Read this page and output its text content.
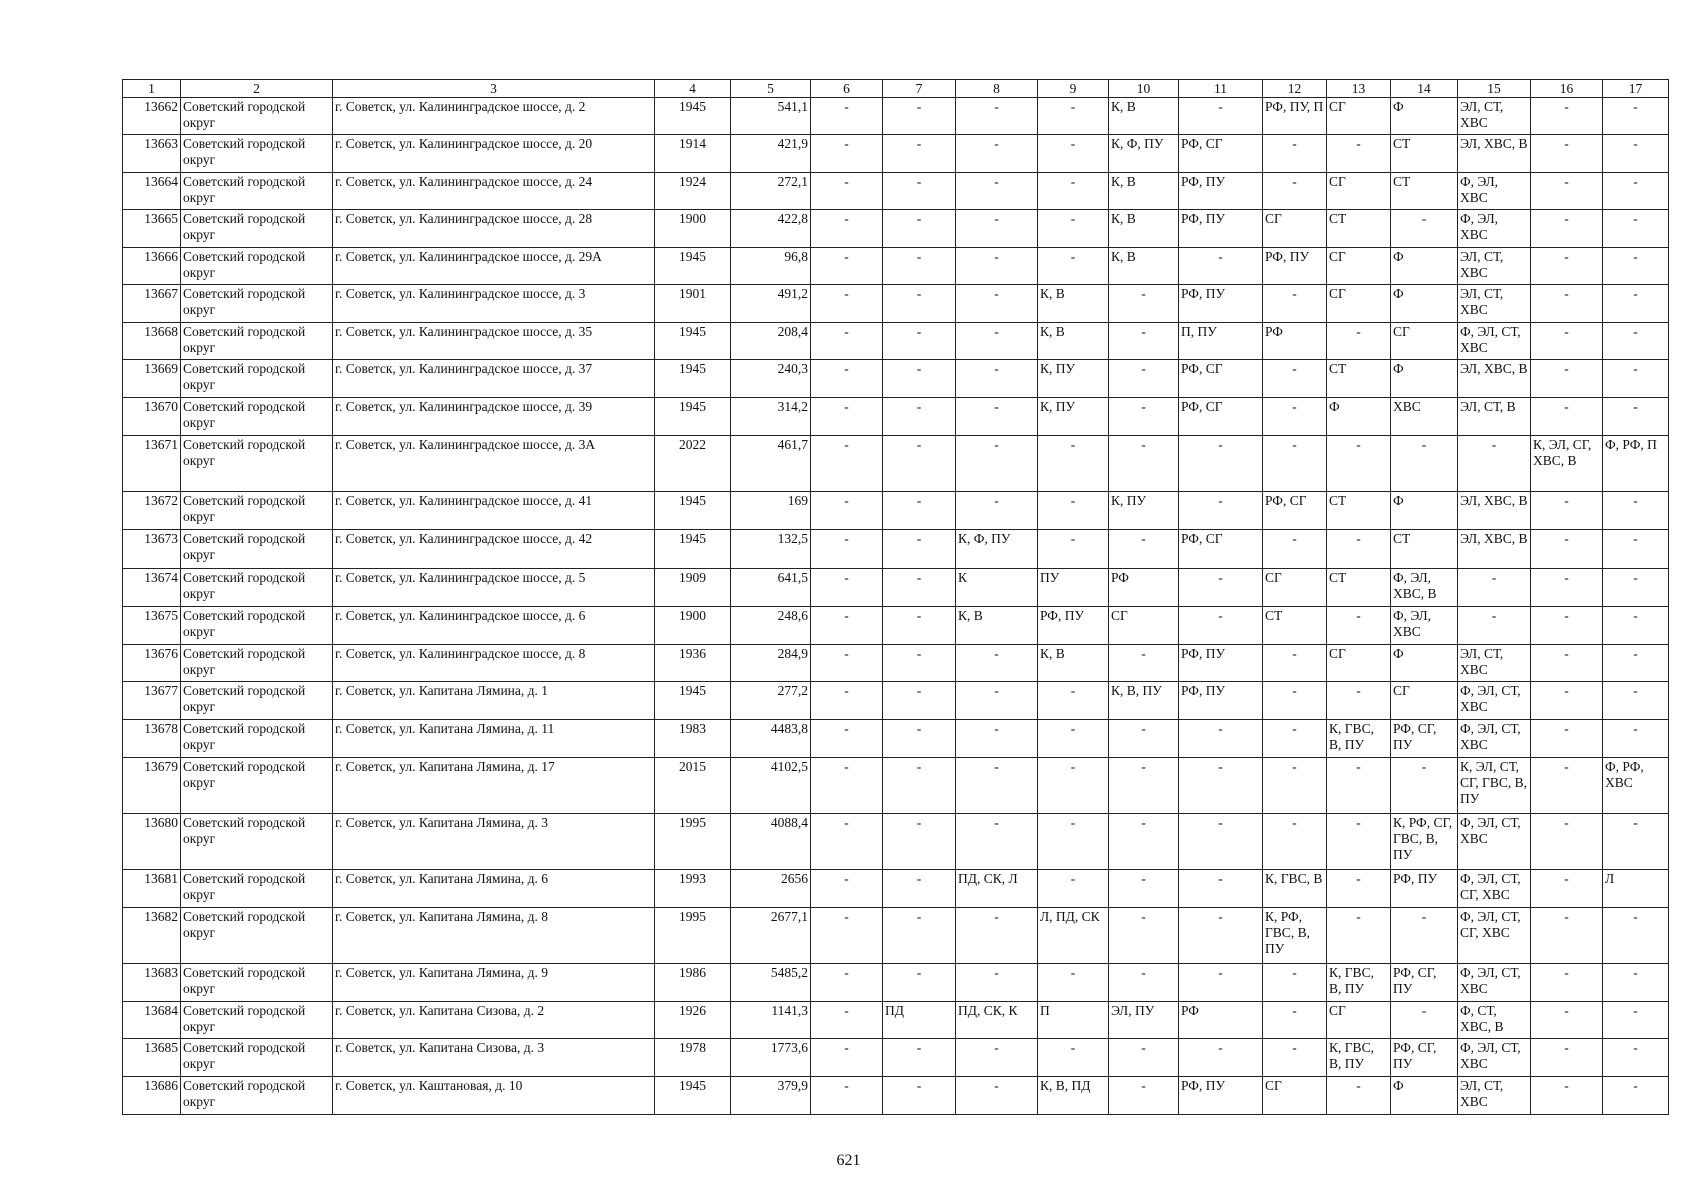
1	2	3	4	5	6	7	8	9	10	11	12	13	14	15	16	17
13662	Советский городской округ	г. Советск, ул. Калининградское шоссе, д. 2	1945	541,1	-	-	-	-	К, В	-	РФ, ПУ, П	СГ	Ф	ЭЛ, СТ, ХВС	-	-
13663	Советский городской округ	г. Советск, ул. Калининградское шоссе, д. 20	1914	421,9	-	-	-	-	К, Ф, ПУ	РФ, СГ	-	-	СТ	ЭЛ, ХВС, В	-	-
13664	Советский городской округ	г. Советск, ул. Калининградское шоссе, д. 24	1924	272,1	-	-	-	-	К, В	РФ, ПУ	-	СГ	СТ	Ф, ЭЛ, ХВС	-	-
13665	Советский городской округ	г. Советск, ул. Калининградское шоссе, д. 28	1900	422,8	-	-	-	-	К, В	РФ, ПУ	СГ	СТ	-	Ф, ЭЛ, ХВС	-	-
13666	Советский городской округ	г. Советск, ул. Калининградское шоссе, д. 29А	1945	96,8	-	-	-	-	К, В	-	РФ, ПУ	СГ	Ф	ЭЛ, СТ, ХВС	-	-
13667	Советский городской округ	г. Советск, ул. Калининградское шоссе, д. 3	1901	491,2	-	-	-	К, В	-	РФ, ПУ	-	СГ	Ф	ЭЛ, СТ, ХВС	-	-
13668	Советский городской округ	г. Советск, ул. Калининградское шоссе, д. 35	1945	208,4	-	-	-	К, В	-	П, ПУ	РФ	-	СГ	Ф, ЭЛ, СТ, ХВС	-	-
13669	Советский городской округ	г. Советск, ул. Калининградское шоссе, д. 37	1945	240,3	-	-	-	К, ПУ	-	РФ, СГ	-	СТ	Ф	ЭЛ, ХВС, В	-	-
13670	Советский городской округ	г. Советск, ул. Калининградское шоссе, д. 39	1945	314,2	-	-	-	К, ПУ	-	РФ, СГ	-	Ф	ХВС	ЭЛ, СТ, В	-	-
13671	Советский городской округ	г. Советск, ул. Калининградское шоссе, д. 3А	2022	461,7	-	-	-	-	-	-	-	-	-	-	К, ЭЛ, СГ, ХВС, В	Ф, РФ, П
13672	Советский городской округ	г. Советск, ул. Калининградское шоссе, д. 41	1945	169	-	-	-	-	К, ПУ	-	РФ, СГ	СТ	Ф	ЭЛ, ХВС, В	-	-
13673	Советский городской округ	г. Советск, ул. Калининградское шоссе, д. 42	1945	132,5	-	-	К, Ф, ПУ	-	-	РФ, СГ	-	-	СТ	ЭЛ, ХВС, В	-	-
13674	Советский городской округ	г. Советск, ул. Калининградское шоссе, д. 5	1909	641,5	-	-	К	ПУ	РФ	-	СГ	СТ	Ф, ЭЛ, ХВС, В	-	-	-
13675	Советский городской округ	г. Советск, ул. Калининградское шоссе, д. 6	1900	248,6	-	-	К, В	РФ, ПУ	СГ	-	СТ	-	Ф, ЭЛ, ХВС	-	-	-
13676	Советский городской округ	г. Советск, ул. Калининградское шоссе, д. 8	1936	284,9	-	-	-	К, В	-	РФ, ПУ	-	СГ	Ф	ЭЛ, СТ, ХВС	-	-
13677	Советский городской округ	г. Советск, ул. Капитана Лямина, д. 1	1945	277,2	-	-	-	-	К, В, ПУ	РФ, ПУ	-	-	СГ	Ф, ЭЛ, СТ, ХВС	-	-
13678	Советский городской округ	г. Советск, ул. Капитана Лямина, д. 11	1983	4483,8	-	-	-	-	-	-	-	К, ГВС, В, ПУ	РФ, СГ, ПУ	Ф, ЭЛ, СТ, ХВС	-	-
13679	Советский городской округ	г. Советск, ул. Капитана Лямина, д. 17	2015	4102,5	-	-	-	-	-	-	-	-	-	К, ЭЛ, СТ, СГ, ГВС, В, ПУ	-	Ф, РФ, ХВС
13680	Советский городской округ	г. Советск, ул. Капитана Лямина, д. 3	1995	4088,4	-	-	-	-	-	-	-	-	К, РФ, СГ, ГВС, В, ПУ	Ф, ЭЛ, СТ, ХВС	-	-
13681	Советский городской округ	г. Советск, ул. Капитана Лямина, д. 6	1993	2656	-	-	ПД, СК, Л	-	-	-	К, ГВС, В	-	РФ, ПУ	Ф, ЭЛ, СТ, СГ, ХВС	-	Л
13682	Советский городской округ	г. Советск, ул. Капитана Лямина, д. 8	1995	2677,1	-	-	-	Л, ПД, СК	-	-	К, РФ, ГВС, В, ПУ	-	-	Ф, ЭЛ, СТ, СГ, ХВС	-	-
13683	Советский городской округ	г. Советск, ул. Капитана Лямина, д. 9	1986	5485,2	-	-	-	-	-	-	-	К, ГВС, В, ПУ	РФ, СГ, ПУ	Ф, ЭЛ, СТ, ХВС	-	-
13684	Советский городской округ	г. Советск, ул. Капитана Сизова, д. 2	1926	1141,3	-	ПД	ПД, СК, К	П	ЭЛ, ПУ	РФ	-	СГ	-	Ф, СТ, ХВС, В	-	-
13685	Советский городской округ	г. Советск, ул. Капитана Сизова, д. 3	1978	1773,6	-	-	-	-	-	-	-	К, ГВС, В, ПУ	РФ, СГ, ПУ	Ф, ЭЛ, СТ, ХВС	-	-
13686	Советский городской округ	г. Советск, ул. Каштановая, д. 10	1945	379,9	-	-	-	К, В, ПД	-	РФ, ПУ	СГ	-	Ф	ЭЛ, СТ, ХВС	-	-
621
